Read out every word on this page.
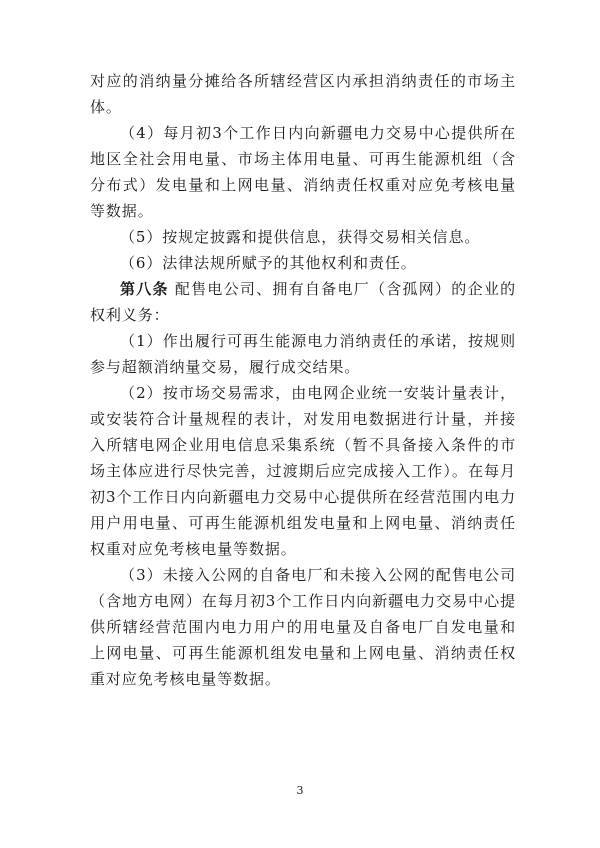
对应的消纳量分摊给各所辖经营区内承担消纳责任的市场主体。

（4）每月初3个工作日内向新疆电力交易中心提供所在地区全社会用电量、市场主体用电量、可再生能源机组（含分布式）发电量和上网电量、消纳责任权重对应免考核电量等数据。

（5）按规定披露和提供信息，获得交易相关信息。

（6）法律法规所赋予的其他权利和责任。

第八条 配售电公司、拥有自备电厂（含孤网）的企业的权利义务：

（1）作出履行可再生能源电力消纳责任的承诺，按规则参与超额消纳量交易，履行成交结果。

（2）按市场交易需求，由电网企业统一安装计量表计，或安装符合计量规程的表计，对发用电数据进行计量，并接入所辖电网企业用电信息采集系统（暂不具备接入条件的市场主体应进行尽快完善，过渡期后应完成接入工作）。在每月初3个工作日内向新疆电力交易中心提供所在经营范围内电力用户用电量、可再生能源机组发电量和上网电量、消纳责任权重对应免考核电量等数据。

（3）未接入公网的自备电厂和未接入公网的配售电公司（含地方电网）在每月初3个工作日内向新疆电力交易中心提供所辖经营范围内电力用户的用电量及自备电厂自发电量和上网电量、可再生能源机组发电量和上网电量、消纳责任权重对应免考核电量等数据。

3
